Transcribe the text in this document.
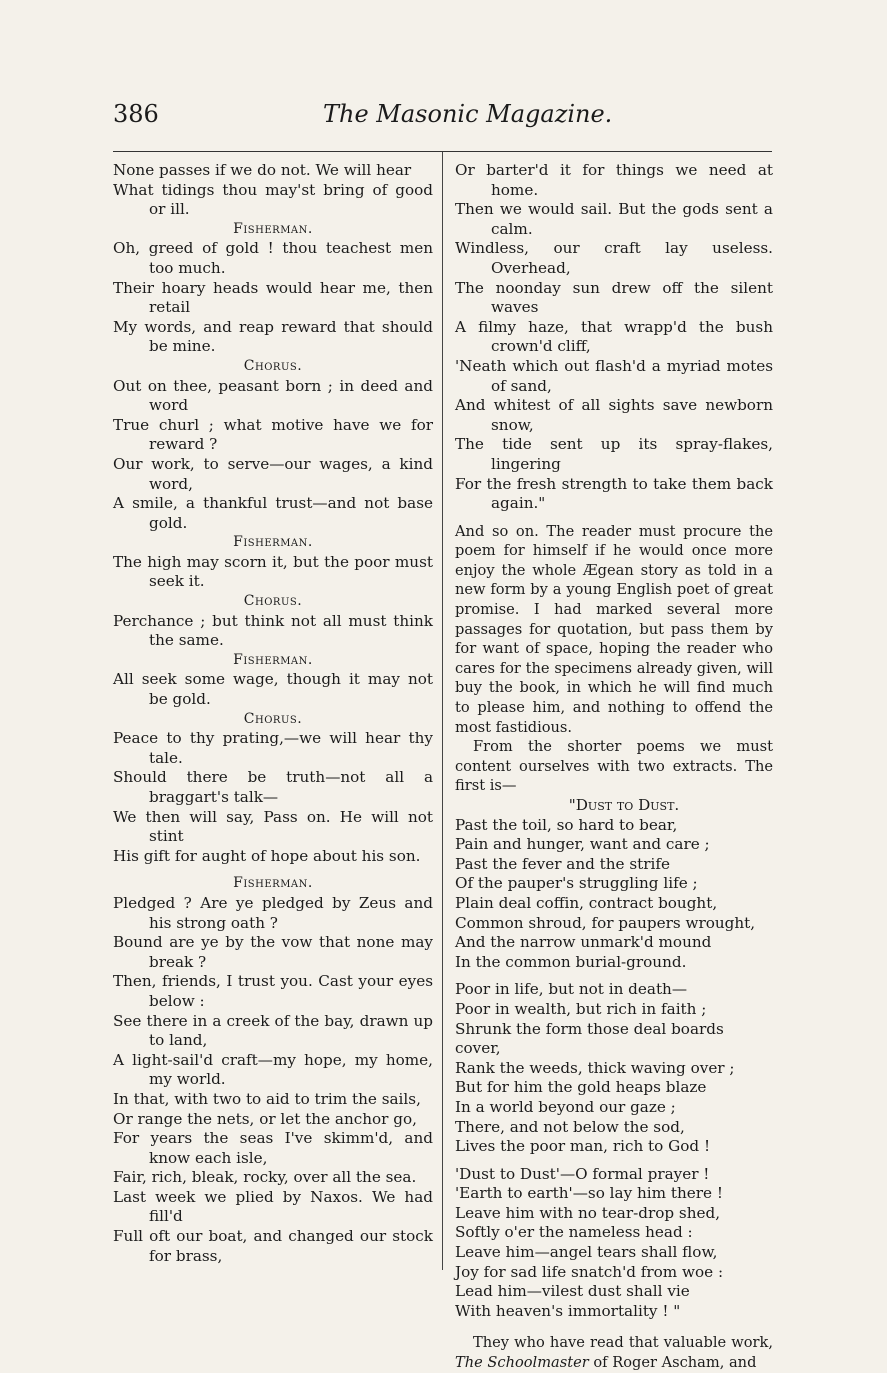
386	The Masonic Magazine.
None passes if we do not. We will hear
What tidings thou may'st bring of good or ill.
Fisherman.
Oh, greed of gold ! thou teachest men too much.
Their hoary heads would hear me, then retail
My words, and reap reward that should be mine.
Chorus.
Out on thee, peasant born ; in deed and word
True churl ; what motive have we for reward ?
Our work, to serve—our wages, a kind word,
A smile, a thankful trust—and not base gold.
Fisherman.
The high may scorn it, but the poor must seek it.
Chorus.
Perchance ; but think not all must think the same.
Fisherman.
All seek some wage, though it may not be gold.
Chorus.
Peace to thy prating,—we will hear thy tale.
Should there be truth—not all a braggart's talk—
We then will say, Pass on. He will not stint
His gift for aught of hope about his son.
Fisherman.
Pledged ? Are ye pledged by Zeus and his strong oath ?
Bound are ye by the vow that none may break ?
Then, friends, I trust you. Cast your eyes below :
See there in a creek of the bay, drawn up to land,
A light-sail'd craft—my hope, my home, my world.
In that, with two to aid to trim the sails,
Or range the nets, or let the anchor go,
For years the seas I've skimm'd, and know each isle,
Fair, rich, bleak, rocky, over all the sea.
Last week we plied by Naxos. We had fill'd
Full oft our boat, and changed our stock for brass,
Or barter'd it for things we need at home.
Then we would sail. But the gods sent a calm.
Windless, our craft lay useless. Overhead,
The noonday sun drew off the silent waves
A filmy haze, that wrapp'd the bush crown'd cliff,
'Neath which out flash'd a myriad motes of sand,
And whitest of all sights save newborn snow,
The tide sent up its spray-flakes, lingering
For the fresh strength to take them back again."
And so on. The reader must procure the poem for himself if he would once more enjoy the whole Ægean story as told in a new form by a young English poet of great promise. I had marked several more passages for quotation, but pass them by for want of space, hoping the reader who cares for the specimens already given, will buy the book, in which he will find much to please him, and nothing to offend the most fastidious.
From the shorter poems we must content ourselves with two extracts. The first is—
"Dust to Dust.
Past the toil, so hard to bear,
Pain and hunger, want and care ;
Past the fever and the strife
Of the pauper's struggling life ;
Plain deal coffin, contract bought,
Common shroud, for paupers wrought,
And the narrow unmark'd mound
In the common burial-ground.
Poor in life, but not in death—
Poor in wealth, but rich in faith ;
Shrunk the form those deal boards cover,
Rank the weeds, thick waving over ;
But for him the gold heaps blaze
In a world beyond our gaze ;
There, and not below the sod,
Lives the poor man, rich to God !
'Dust to Dust'—O formal prayer !
'Earth to earth'—so lay him there !
Leave him with no tear-drop shed,
Softly o'er the nameless head :
Leave him—angel tears shall flow,
Joy for sad life snatch'd from woe :
Lead him—vilest dust shall vie
With heaven's immortality ! "
They who have read that valuable work, The Schoolmaster of Roger Ascham, and
